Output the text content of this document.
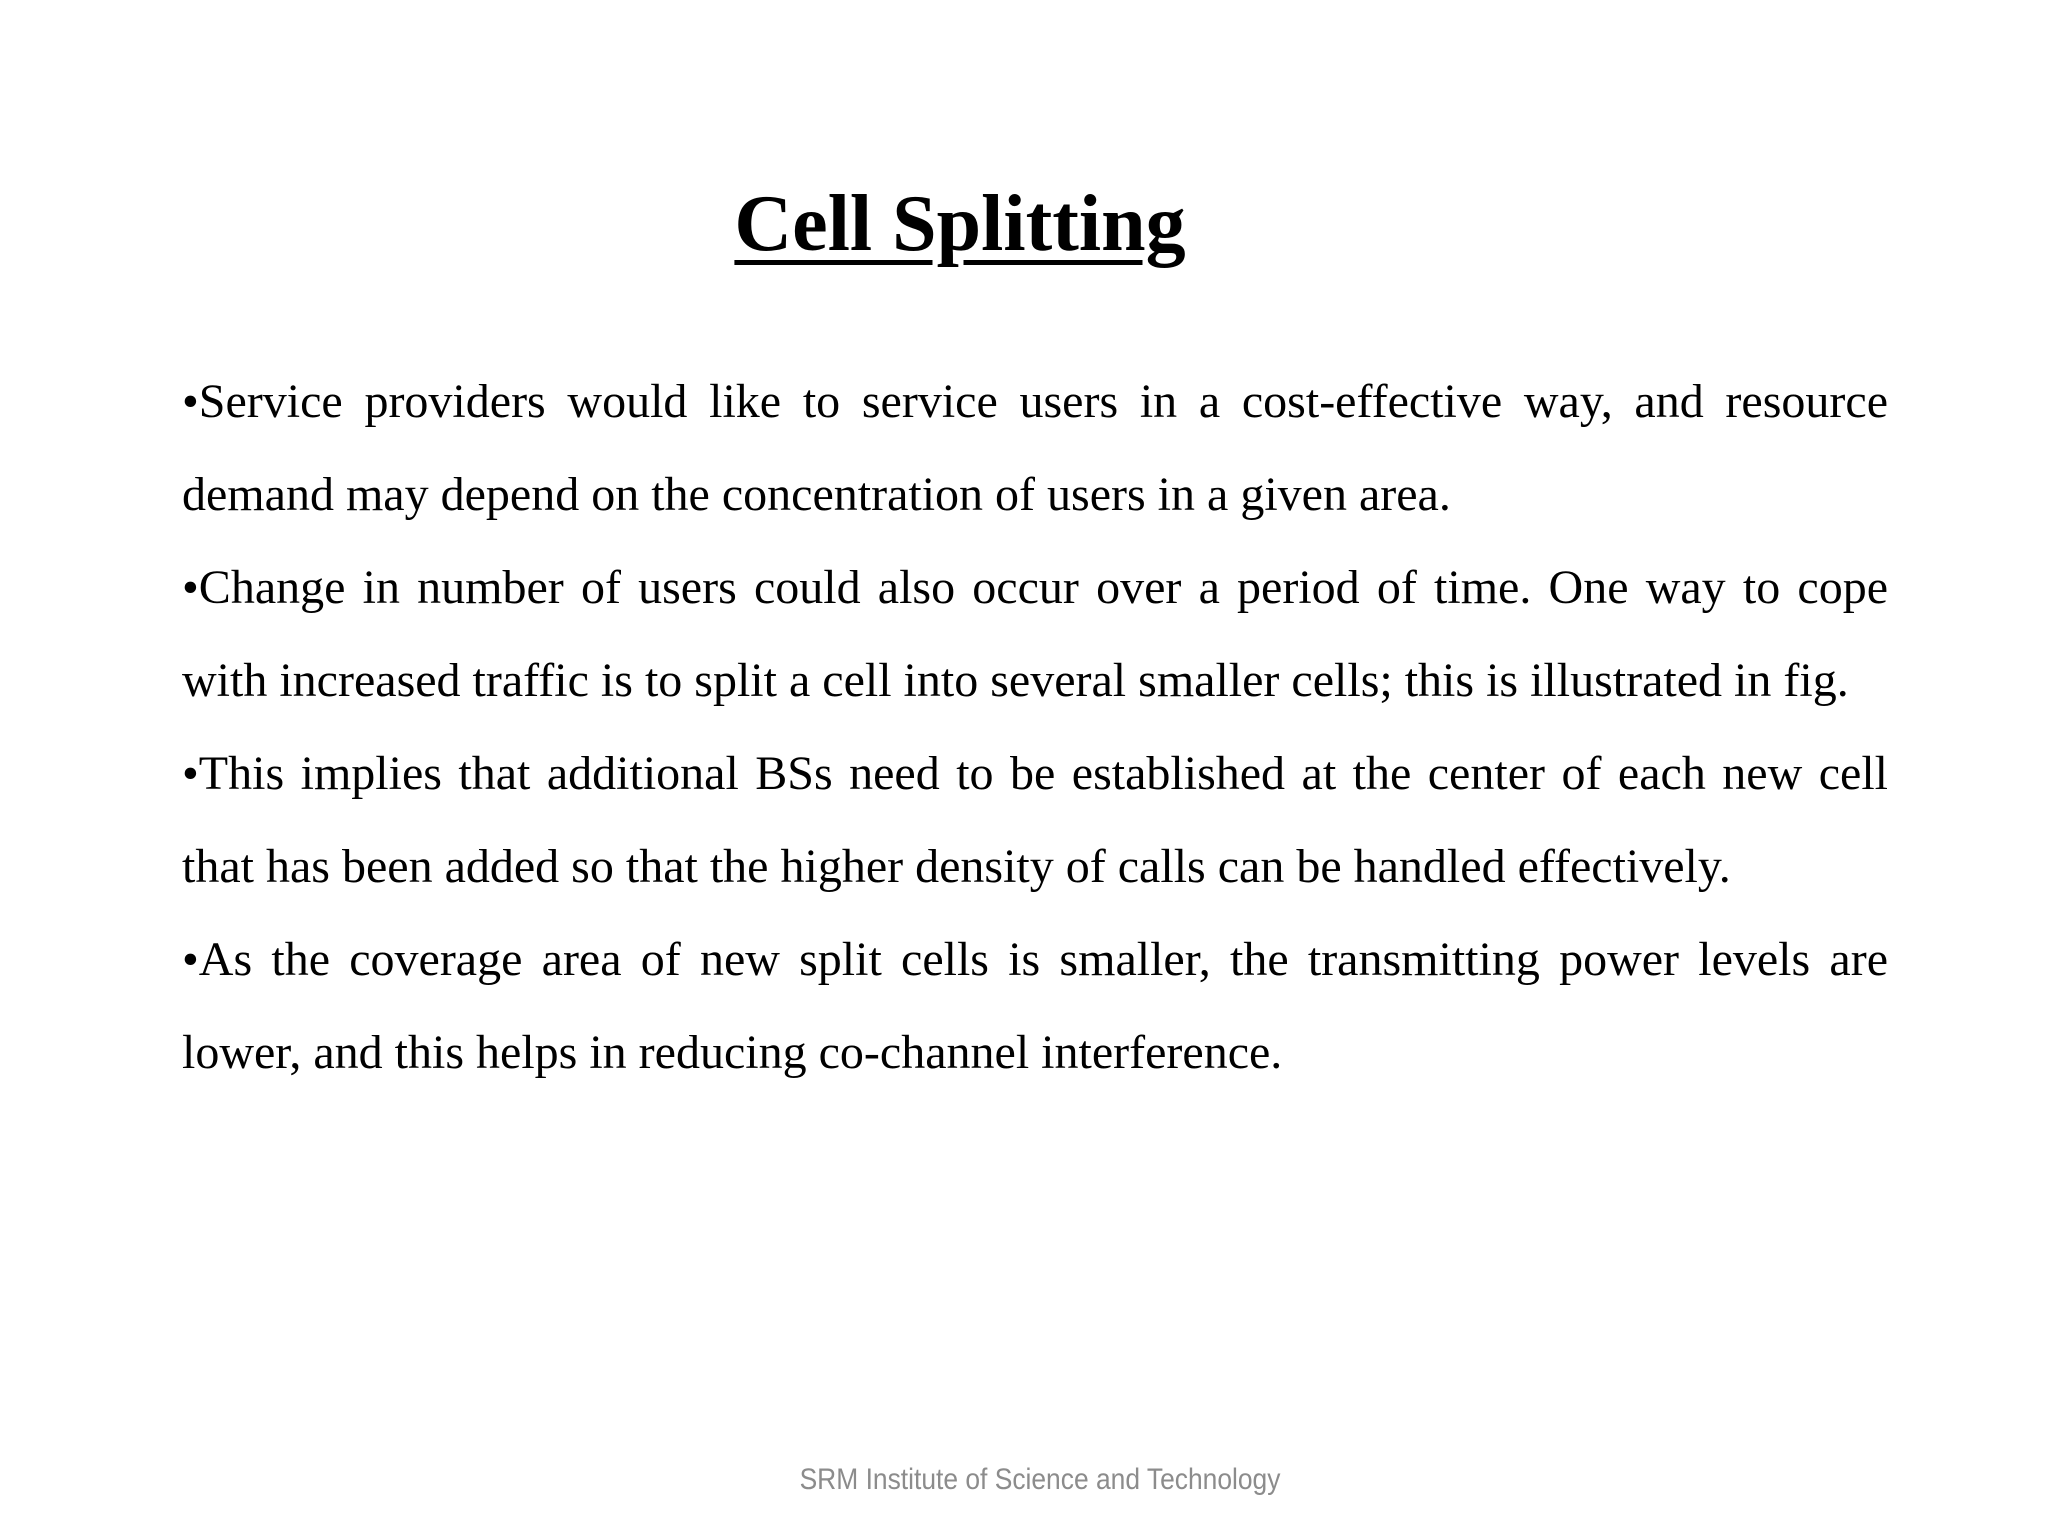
Cell Splitting

•Service providers would like to service users in a cost-effective way, and resource demand may depend on the concentration of users in a given area.

•Change in number of users could also occur over a period of time. One way to cope with increased traffic is to split a cell into several smaller cells; this is illustrated in fig.

•This implies that additional BSs need to be established at the center of each new cell that has been added so that the higher density of calls can be handled effectively.

•As the coverage area of new split cells is smaller, the transmitting power levels are lower, and this helps in reducing co-channel interference.

SRM Institute of Science and Technology
